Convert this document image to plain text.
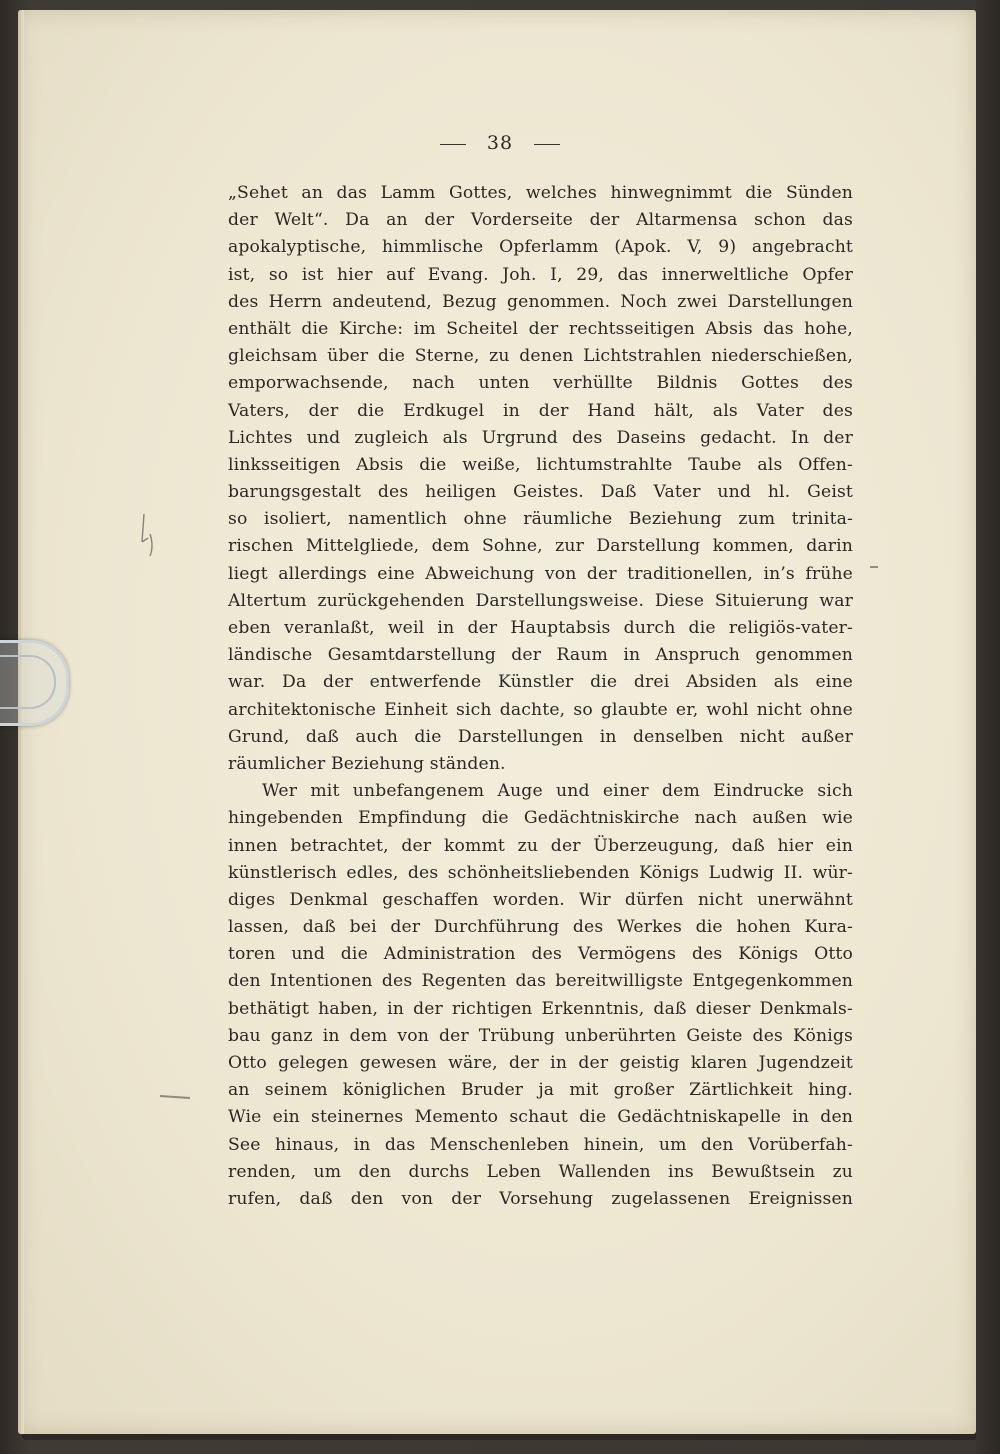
38
„Sehet an das Lamm Gottes, welches hinwegnimmt die Sünden
der Welt“. Da an der Vorderseite der Altarmensa schon das
apokalyptische, himmlische Opferlamm (Apok. V, 9) angebracht
ist, so ist hier auf Evang. Joh. I, 29, das innerweltliche Opfer
des Herrn andeutend, Bezug genommen. Noch zwei Darstellungen
enthält die Kirche: im Scheitel der rechtsseitigen Absis das hohe,
gleichsam über die Sterne, zu denen Lichtstrahlen niederschießen,
emporwachsende, nach unten verhüllte Bildnis Gottes des
Vaters, der die Erdkugel in der Hand hält, als Vater des
Lichtes und zugleich als Urgrund des Daseins gedacht. In der
linksseitigen Absis die weiße, lichtumstrahlte Taube als Offen-
barungsgestalt des heiligen Geistes. Daß Vater und hl. Geist
so isoliert, namentlich ohne räumliche Beziehung zum trinita-
rischen Mittelgliede, dem Sohne, zur Darstellung kommen, darin
liegt allerdings eine Abweichung von der traditionellen, in’s frühe
Altertum zurückgehenden Darstellungsweise. Diese Situierung war
eben veranlaßt, weil in der Hauptabsis durch die religiös-vater-
ländische Gesamtdarstellung der Raum in Anspruch genommen
war. Da der entwerfende Künstler die drei Absiden als eine
architektonische Einheit sich dachte, so glaubte er, wohl nicht ohne
Grund, daß auch die Darstellungen in denselben nicht außer
räumlicher Beziehung ständen.
Wer mit unbefangenem Auge und einer dem Eindrucke sich
hingebenden Empfindung die Gedächtniskirche nach außen wie
innen betrachtet, der kommt zu der Überzeugung, daß hier ein
künstlerisch edles, des schönheitsliebenden Königs Ludwig II. wür-
diges Denkmal geschaffen worden. Wir dürfen nicht unerwähnt
lassen, daß bei der Durchführung des Werkes die hohen Kura-
toren und die Administration des Vermögens des Königs Otto
den Intentionen des Regenten das bereitwilligste Entgegenkommen
bethätigt haben, in der richtigen Erkenntnis, daß dieser Denkmals-
bau ganz in dem von der Trübung unberührten Geiste des Königs
Otto gelegen gewesen wäre, der in der geistig klaren Jugendzeit
an seinem königlichen Bruder ja mit großer Zärtlichkeit hing.
Wie ein steinernes Memento schaut die Gedächtniskapelle in den
See hinaus, in das Menschenleben hinein, um den Vorüberfah-
renden, um den durchs Leben Wallenden ins Bewußtsein zu
rufen, daß den von der Vorsehung zugelassenen Ereignissen
